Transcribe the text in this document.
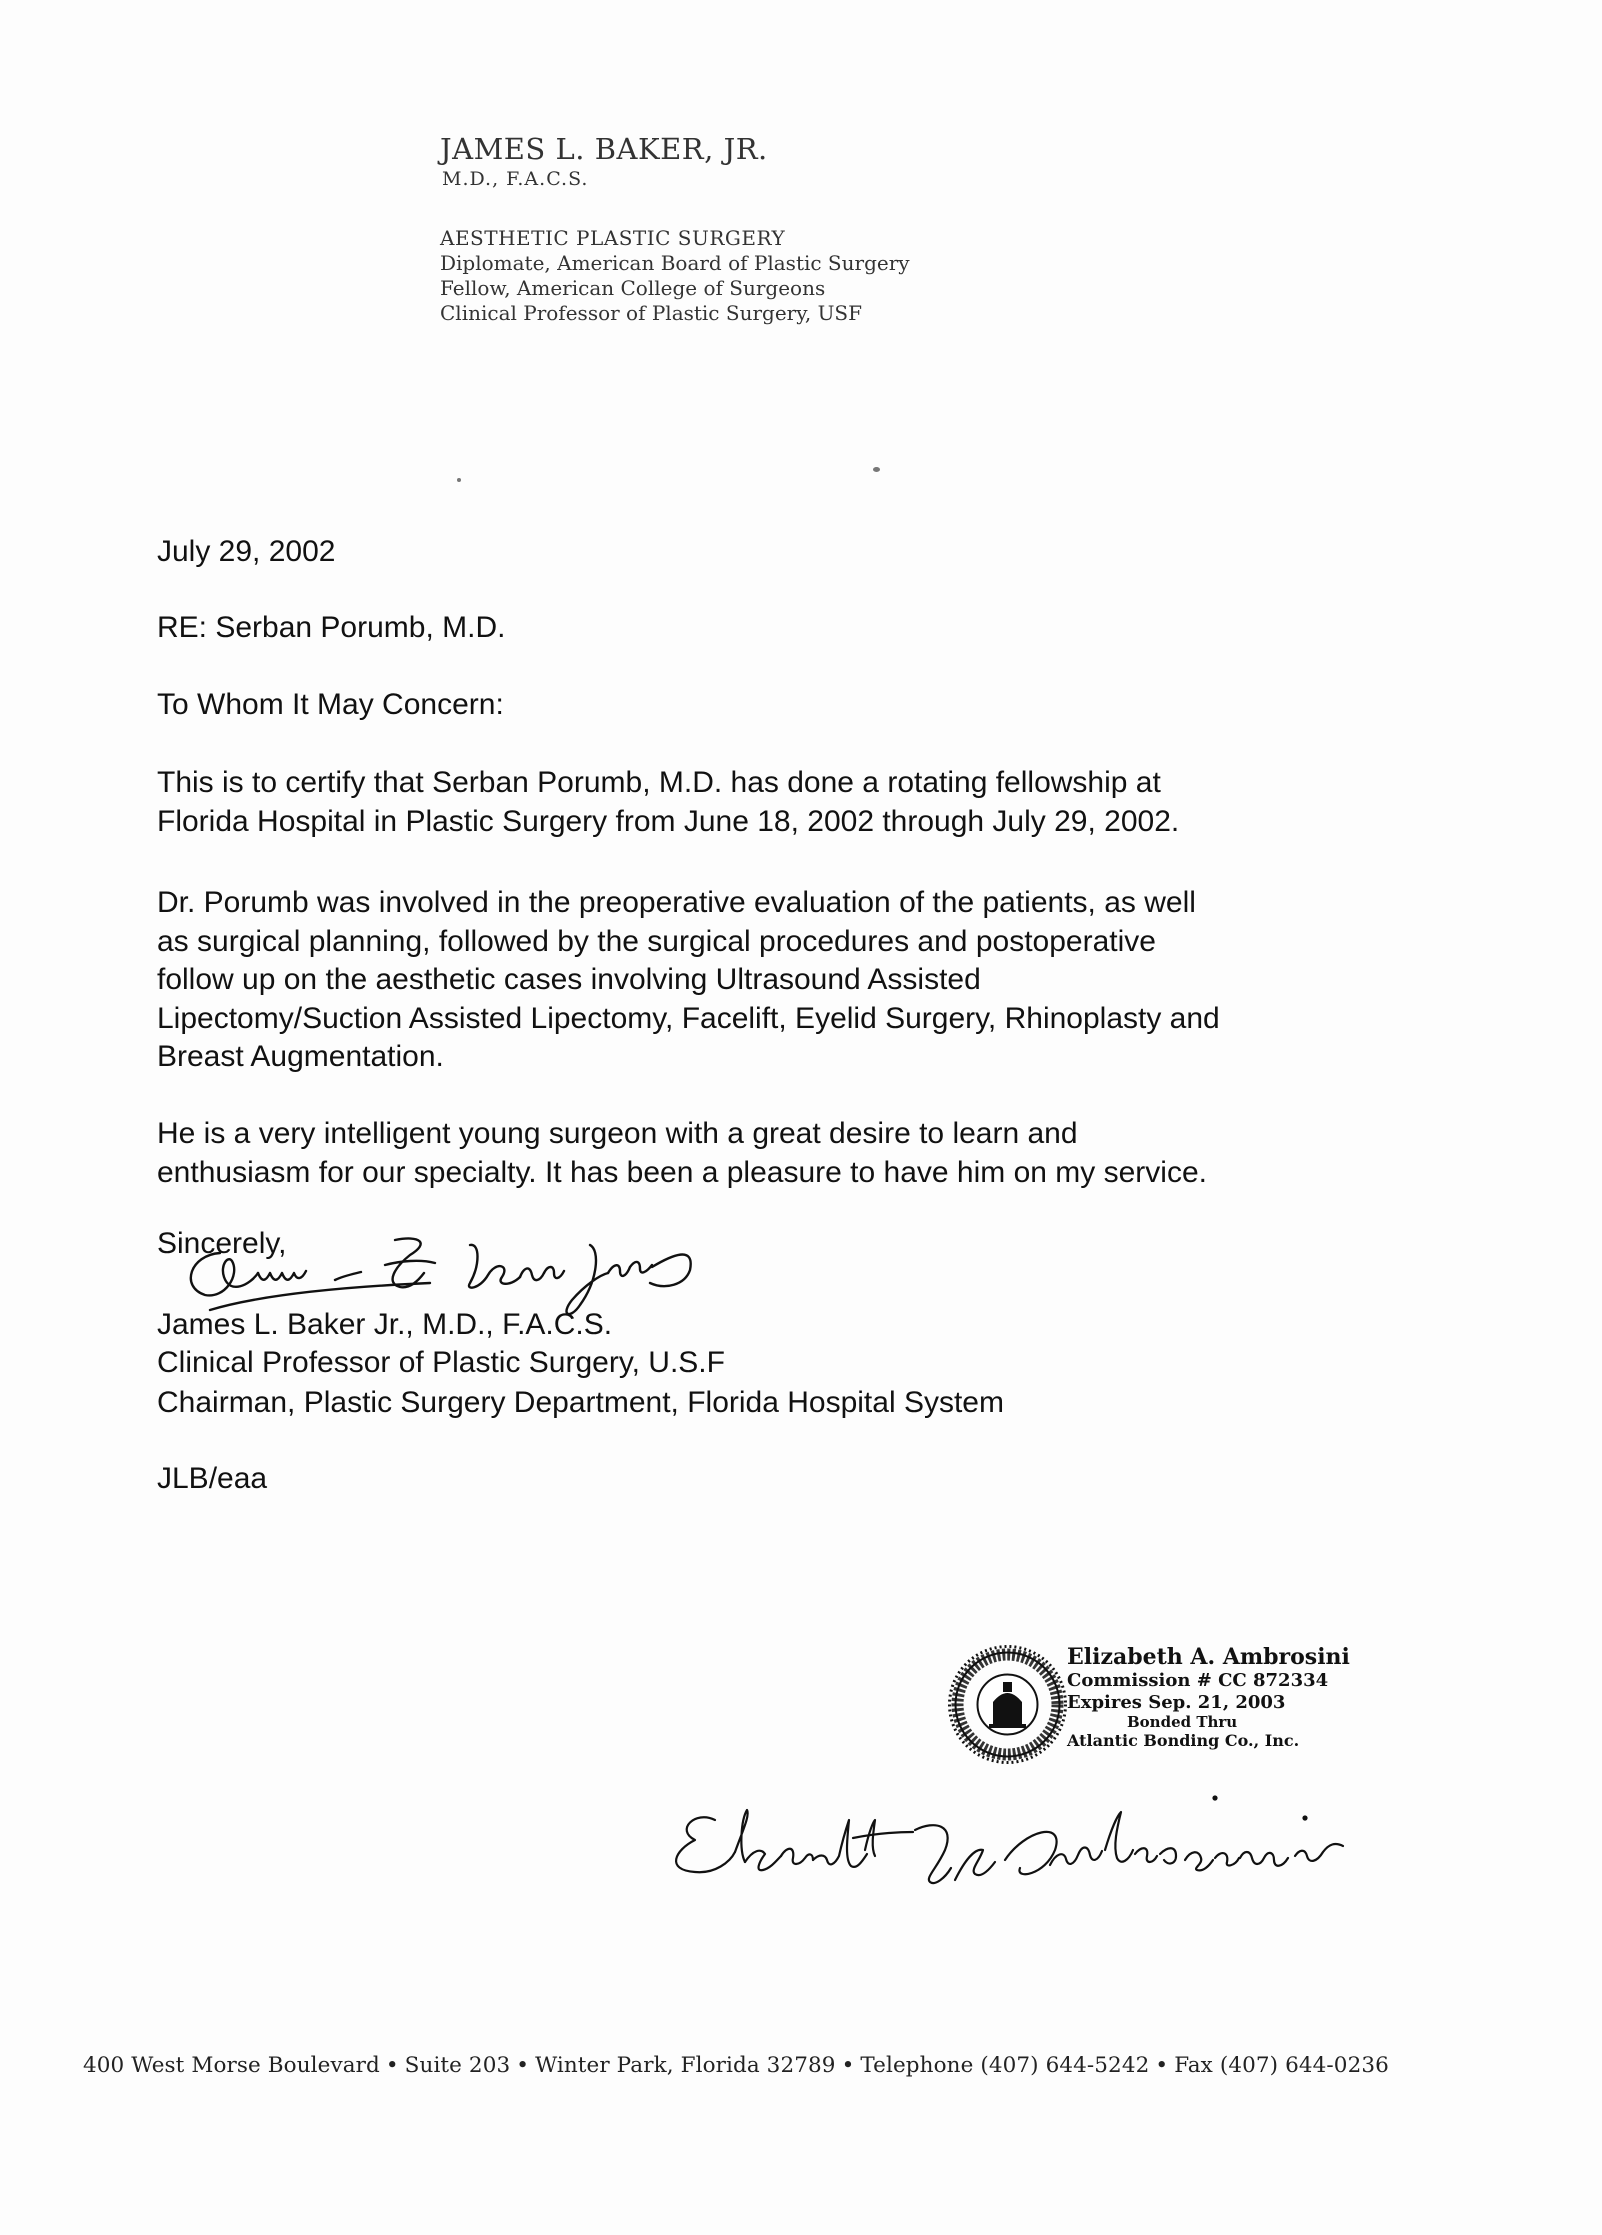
JAMES L. BAKER, JR.
M.D., F.A.C.S.
AESTHETIC PLASTIC SURGERY
Diplomate, American Board of Plastic Surgery
Fellow, American College of Surgeons
Clinical Professor of Plastic Surgery, USF
July 29, 2002
RE: Serban Porumb, M.D.
To Whom It May Concern:
This is to certify that Serban Porumb, M.D. has done a rotating fellowship at
Florida Hospital in Plastic Surgery from June 18, 2002 through July 29, 2002.
Dr. Porumb was involved in the preoperative evaluation of the patients, as well
as surgical planning, followed by the surgical procedures and postoperative
follow up on the aesthetic cases involving Ultrasound Assisted
Lipectomy/Suction Assisted Lipectomy, Facelift, Eyelid Surgery, Rhinoplasty and
Breast Augmentation.
He is a very intelligent young surgeon with a great desire to learn and
enthusiasm for our specialty. It has been a pleasure to have him on my service.
Sincerely,
James L. Baker Jr., M.D., F.A.C.S.
Clinical Professor of Plastic Surgery, U.S.F
Chairman, Plastic Surgery Department, Florida Hospital System
JLB/eaa
Elizabeth A. Ambrosini
Commission # CC 872334
Expires Sep. 21, 2003
Bonded Thru
Atlantic Bonding Co., Inc.
400 West Morse Boulevard • Suite 203 • Winter Park, Florida 32789 • Telephone (407) 644-5242 • Fax (407) 644-0236
